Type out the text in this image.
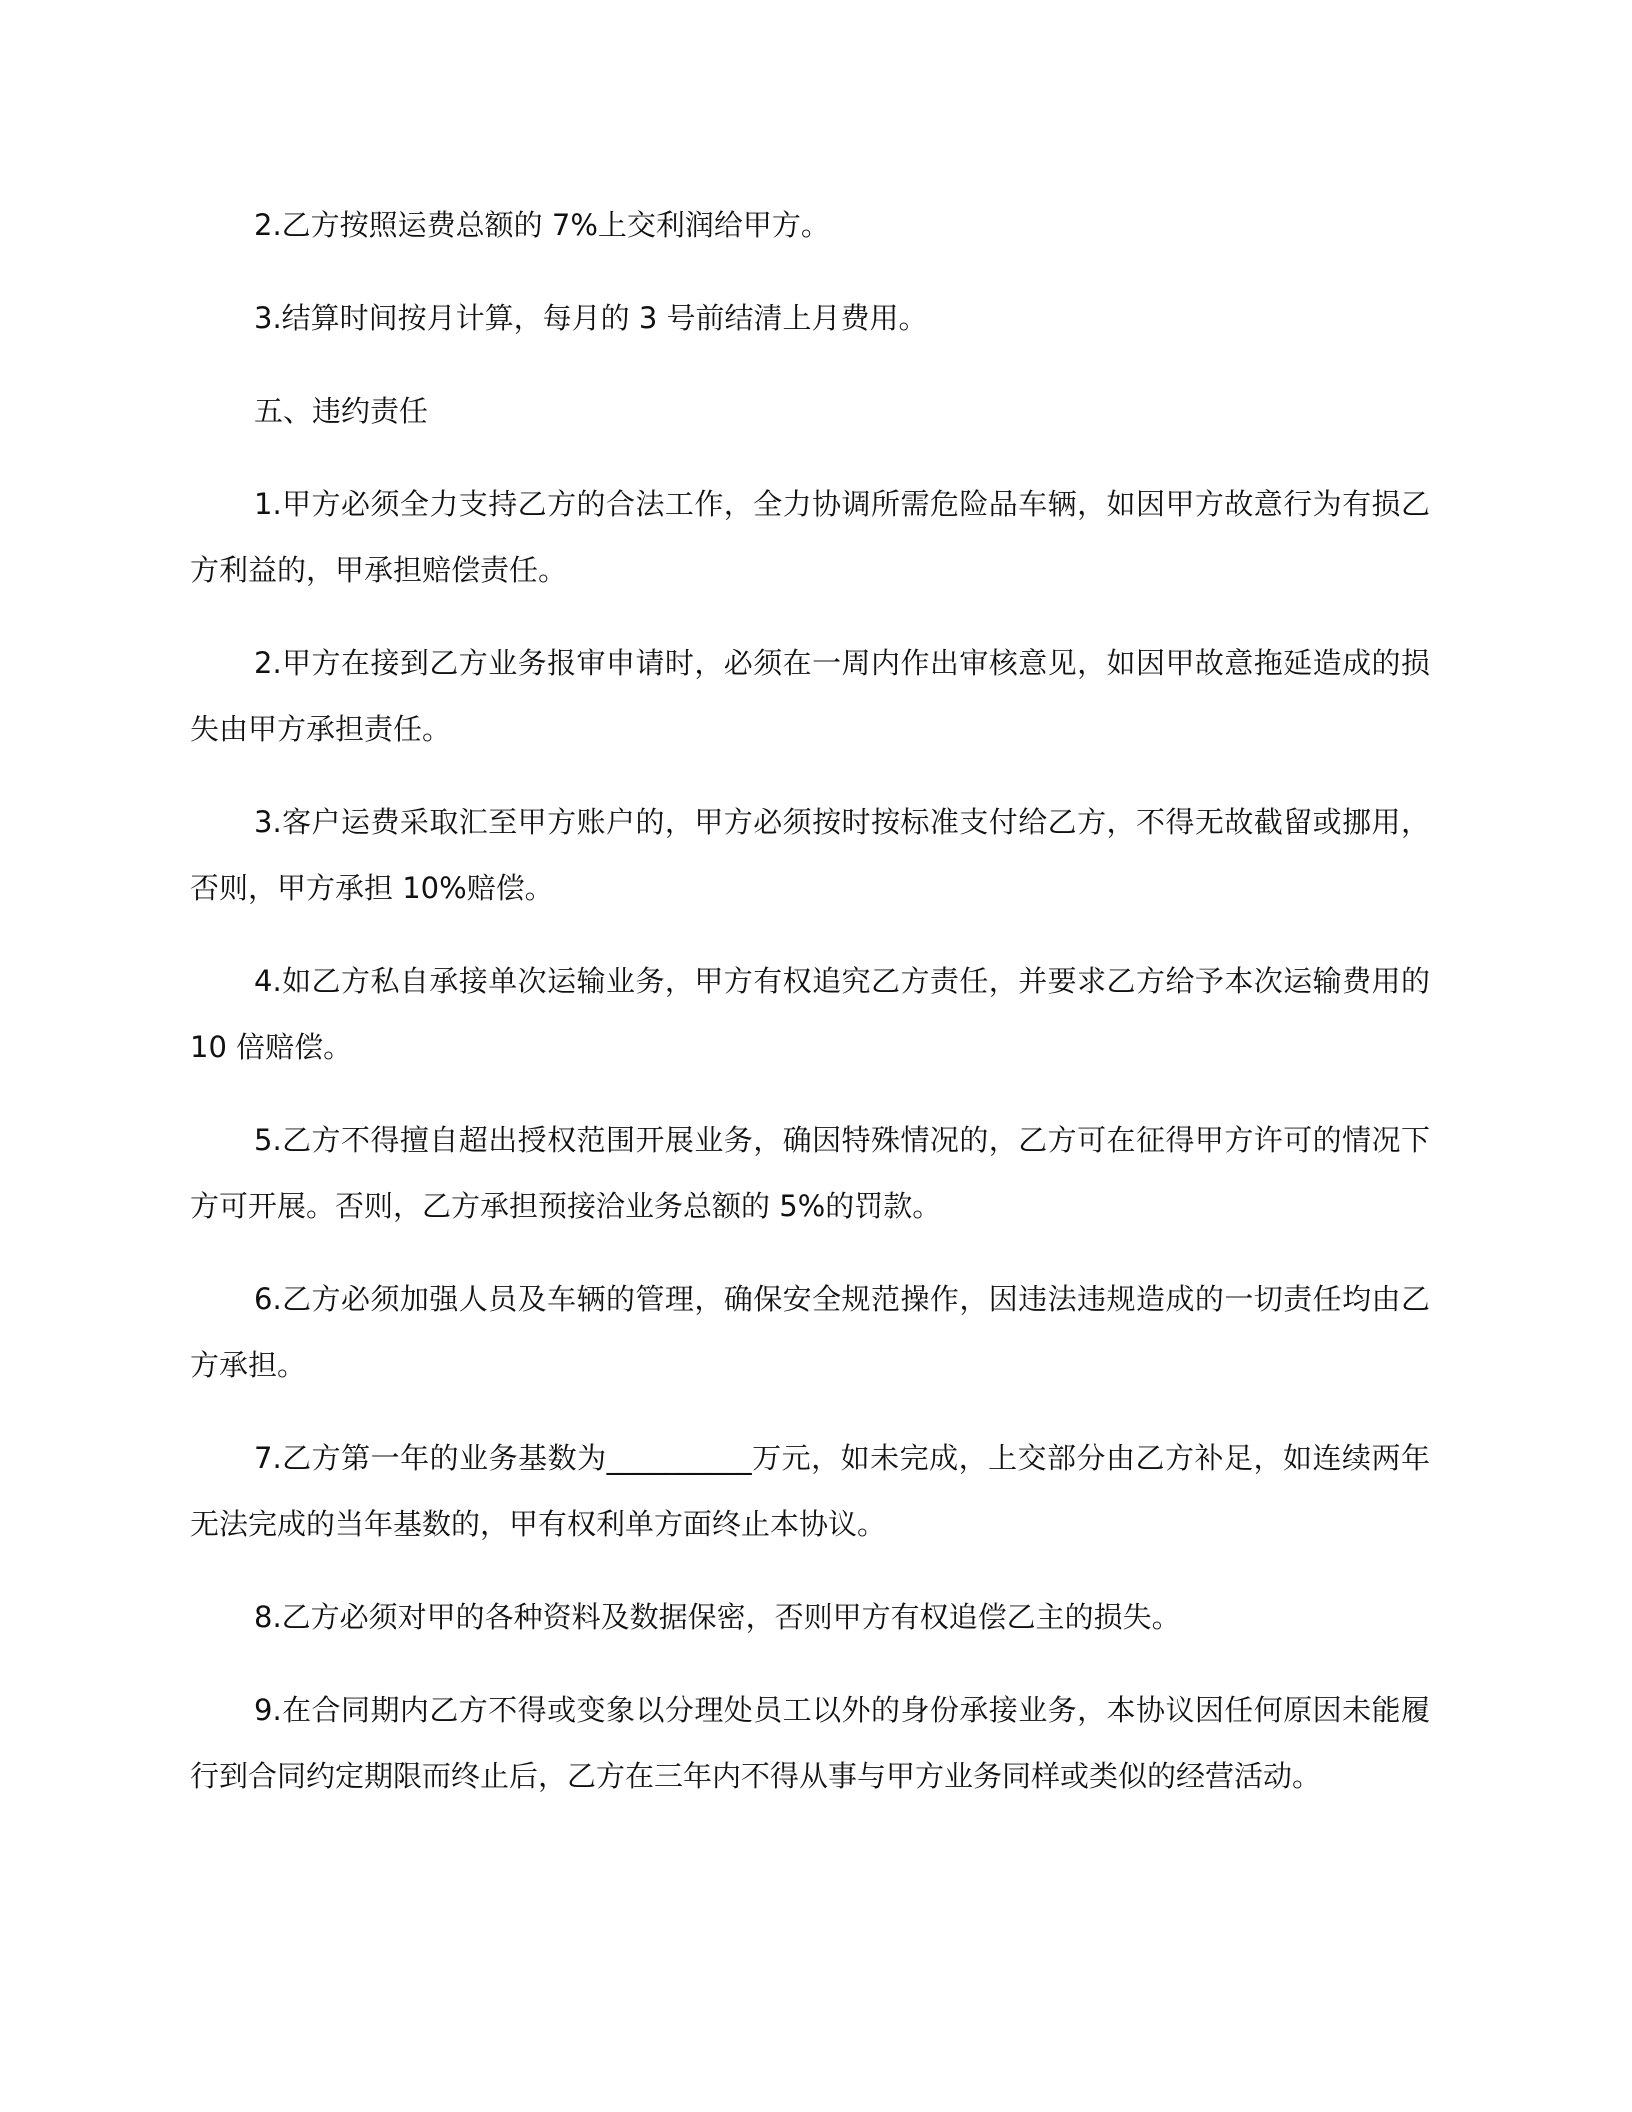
2.乙方按照运费总额的 7%上交利润给甲方。

3.结算时间按月计算，每月的 3 号前结清上月费用。

五、违约责任

1.甲方必须全力支持乙方的合法工作，全力协调所需危险品车辆，如因甲方故意行为有损乙方利益的，甲承担赔偿责任。

2.甲方在接到乙方业务报审申请时，必须在一周内作出审核意见，如因甲故意拖延造成的损失由甲方承担责任。

3.客户运费采取汇至甲方账户的，甲方必须按时按标准支付给乙方，不得无故截留或挪用，否则，甲方承担 10%赔偿。

4.如乙方私自承接单次运输业务，甲方有权追究乙方责任，并要求乙方给予本次运输费用的 10 倍赔偿。

5.乙方不得擅自超出授权范围开展业务，确因特殊情况的，乙方可在征得甲方许可的情况下方可开展。否则，乙方承担预接洽业务总额的 5%的罚款。

6.乙方必须加强人员及车辆的管理，确保安全规范操作，因违法违规造成的一切责任均由乙方承担。

7.乙方第一年的业务基数为__________万元，如未完成，上交部分由乙方补足，如连续两年无法完成的当年基数的，甲有权利单方面终止本协议。

8.乙方必须对甲的各种资料及数据保密，否则甲方有权追偿乙主的损失。

9.在合同期内乙方不得或变象以分理处员工以外的身份承接业务，本协议因任何原因未能履行到合同约定期限而终止后，乙方在三年内不得从事与甲方业务同样或类似的经营活动。
